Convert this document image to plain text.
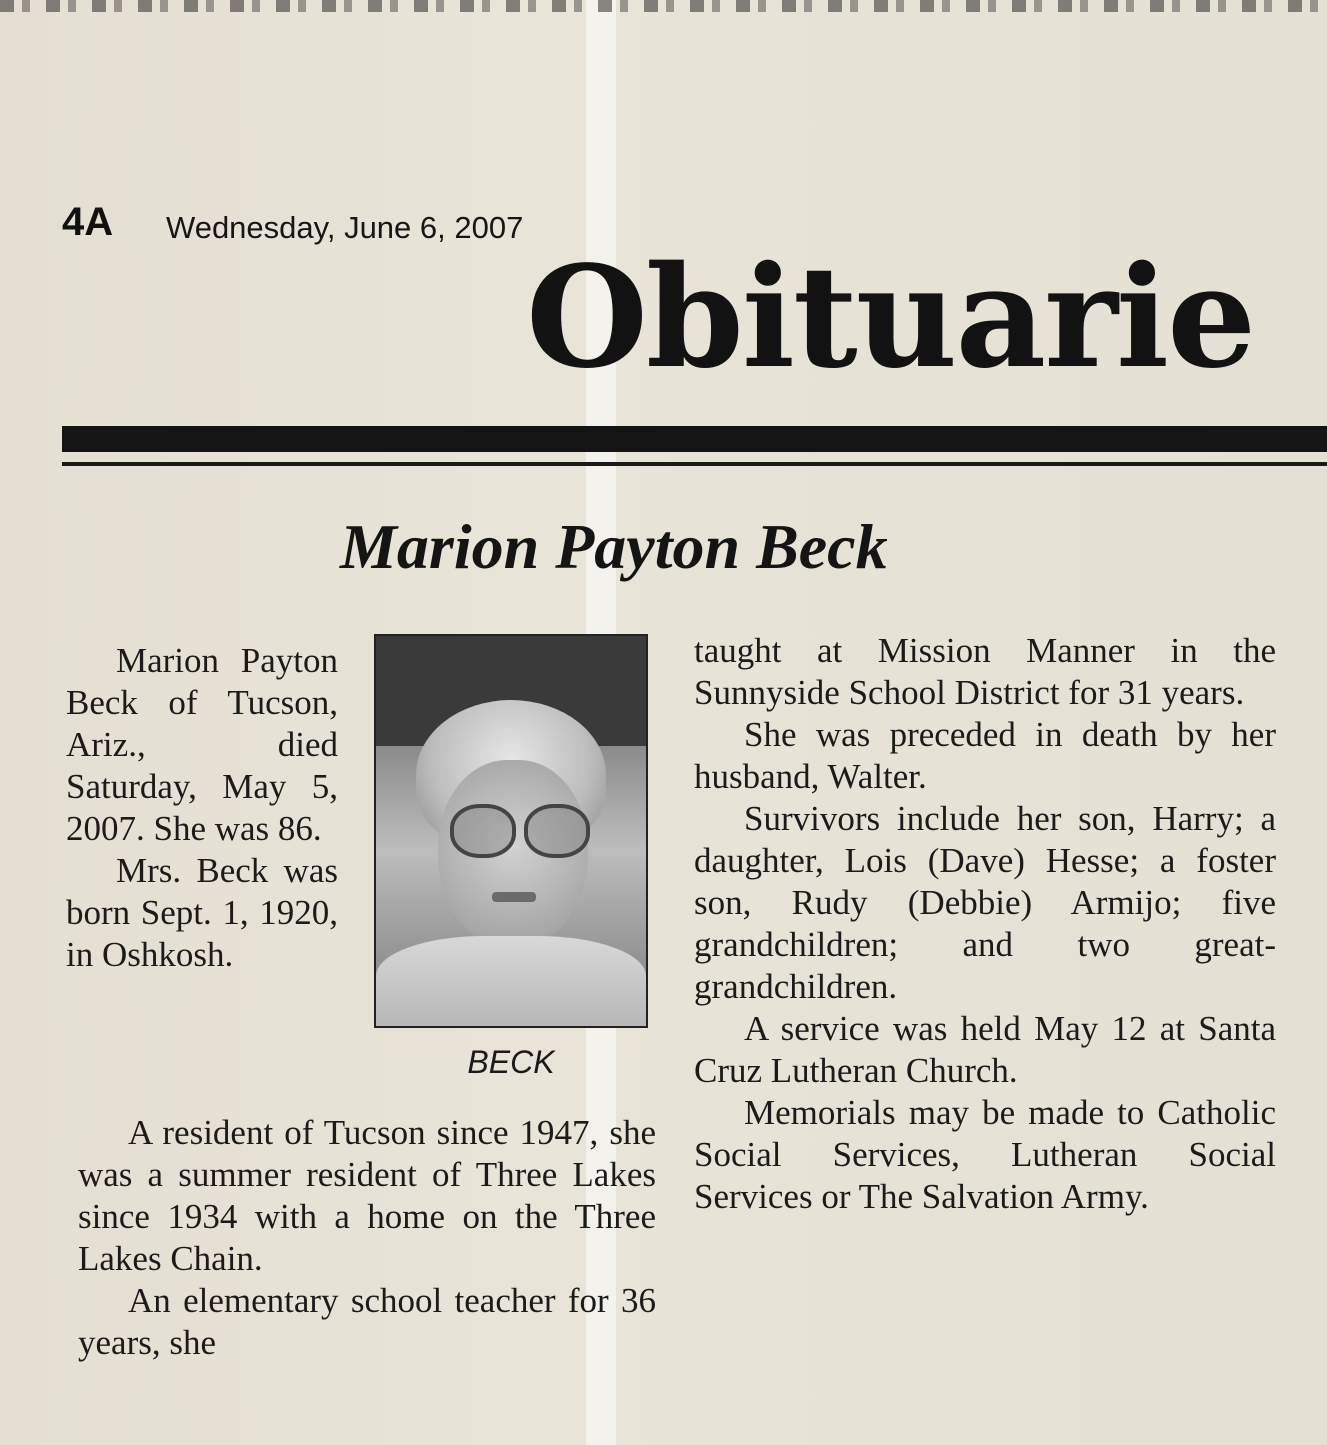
4A Wednesday, June 6, 2007
Obituarie
Marion Payton Beck

Marion Payton Beck of Tucson, Ariz., died Saturday, May 5, 2007. She was 86.

Mrs. Beck was born Sept. 1, 1920, in Oshkosh.

BECK

A resident of Tucson since 1947, she was a summer resident of Three Lakes since 1934 with a home on the Three Lakes Chain.

An elementary school teacher for 36 years, she

taught at Mission Manner in the Sunnyside School District for 31 years.

She was preceded in death by her husband, Walter.

Survivors include her son, Harry; a daughter, Lois (Dave) Hesse; a foster son, Rudy (Debbie) Armijo; five grandchildren; and two great-grandchildren.

A service was held May 12 at Santa Cruz Lutheran Church.

Memorials may be made to Catholic Social Services, Lutheran Social Services or The Salvation Army.
